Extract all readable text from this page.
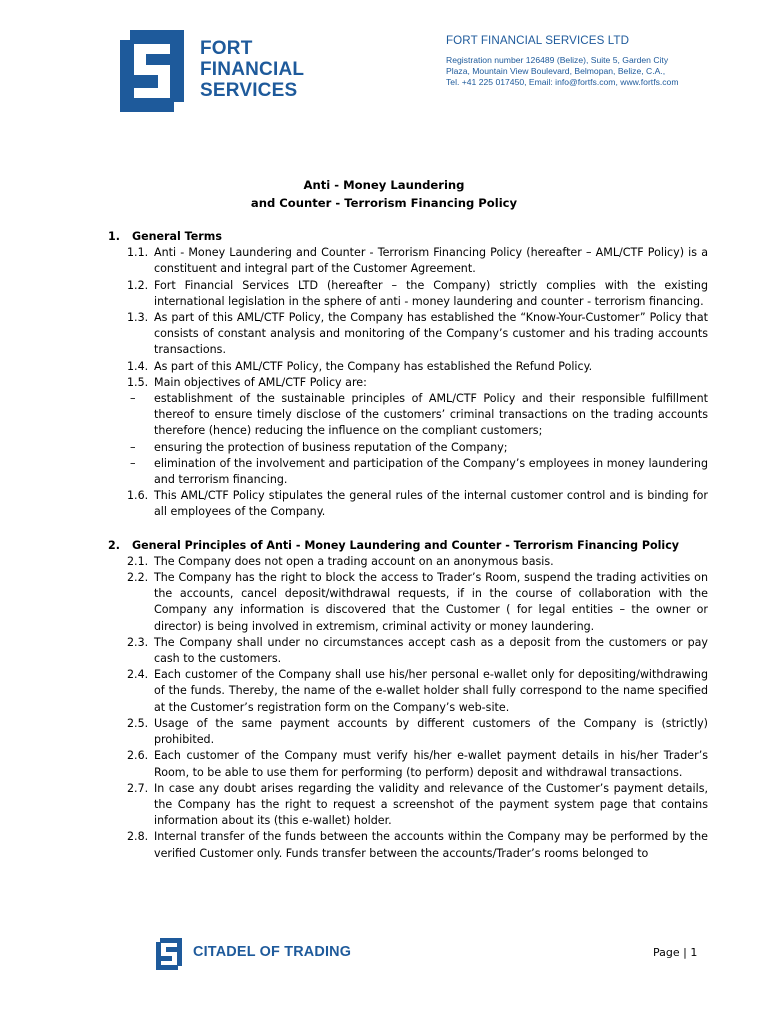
FORT
FINANCIAL
SERVICES
FORT FINANCIAL SERVICES LTD
Registration number 126489 (Belize), Suite 5, Garden City
Plaza, Mountain View Boulevard, Belmopan, Belize, C.A.,
Tel. +41 225 017450, Email: info@fortfs.com, www.fortfs.com
Anti - Money Laundering
and Counter - Terrorism Financing Policy
1.	General Terms
1.1. Anti - Money Laundering and Counter - Terrorism Financing Policy (hereafter – AML/CTF Policy) is a constituent and integral part of the Customer Agreement.
1.2. Fort Financial Services LTD (hereafter – the Company) strictly complies with the existing international legislation in the sphere of anti - money laundering and counter - terrorism financing.
1.3. As part of this AML/CTF Policy, the Company has established the “Know-Your-Customer” Policy that consists of constant analysis and monitoring of the Company’s customer and his trading accounts transactions.
1.4. As part of this AML/CTF Policy, the Company has established the Refund Policy.
1.5. Main objectives of AML/CTF Policy are:
–	establishment of the sustainable principles of AML/CTF Policy and their responsible fulfillment thereof to ensure timely disclose of the customers’ criminal transactions on the trading accounts therefore (hence) reducing the influence on the compliant customers;
–	ensuring the protection of business reputation of the Company;
–	elimination of the involvement and participation of the Company’s employees in money laundering and terrorism financing.
1.6. This AML/CTF Policy stipulates the general rules of the internal customer control and is binding for all employees of the Company.
2.	General Principles of Anti - Money Laundering and Counter - Terrorism Financing Policy
2.1. The Company does not open a trading account on an anonymous basis.
2.2. The Company has the right to block the access to Trader’s Room, suspend the trading activities on the accounts, cancel deposit/withdrawal requests, if in the course of collaboration with the Company any information is discovered that the Customer ( for legal entities – the owner or director) is being involved in extremism, criminal activity or money laundering.
2.3. The Company shall under no circumstances accept cash as a deposit from the customers or pay cash to the customers.
2.4. Each customer of the Company shall use his/her personal e-wallet only for depositing/withdrawing of the funds. Thereby, the name of the e-wallet holder shall fully correspond to the name specified at the Customer’s registration form on the Company’s web-site.
2.5. Usage of the same payment accounts by different customers of the Company is (strictly) prohibited.
2.6. Each customer of the Company must verify his/her e-wallet payment details in his/her Trader’s Room, to be able to use them for performing (to perform) deposit and withdrawal transactions.
2.7. In case any doubt arises regarding the validity and relevance of the Customer’s payment details, the Company has the right to request a screenshot of the payment system page that contains information about its (this e-wallet) holder.
2.8. Internal transfer of the funds between the accounts within the Company may be performed by the verified Customer only. Funds transfer between the accounts/Trader’s rooms belonged to
CITADEL OF TRADING	Page | 1
